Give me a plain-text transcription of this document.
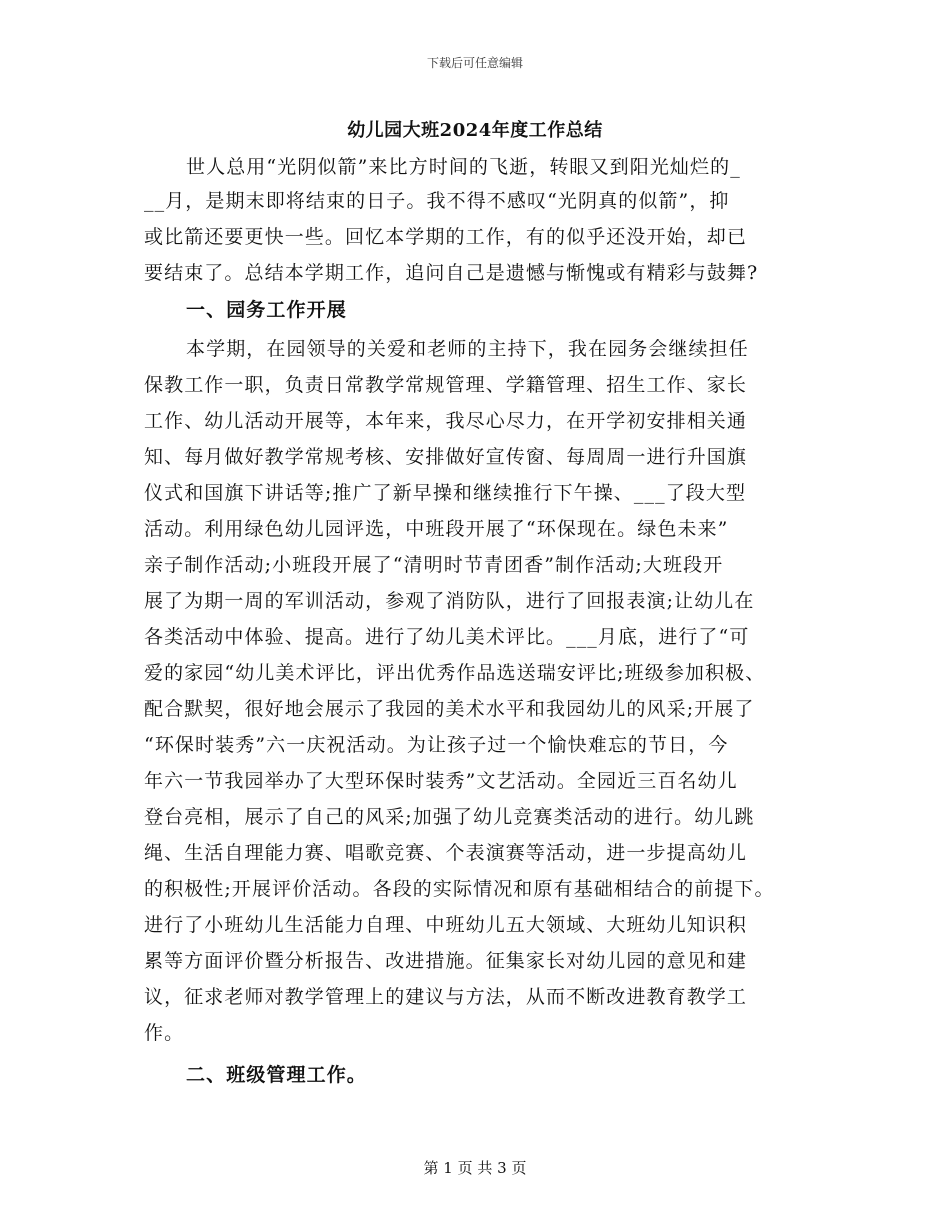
下载后可任意编辑
幼儿园大班2024年度工作总结
世人总用“光阴似箭”来比方时间的飞逝，转眼又到阳光灿烂的_
__月，是期末即将结束的日子。我不得不感叹“光阴真的似箭”，抑
或比箭还要更快一些。回忆本学期的工作，有的似乎还没开始，却已
要结束了。总结本学期工作，追问自己是遗憾与惭愧或有精彩与鼓舞?
一、园务工作开展
本学期，在园领导的关爱和老师的主持下，我在园务会继续担任
保教工作一职，负责日常教学常规管理、学籍管理、招生工作、家长
工作、幼儿活动开展等，本年来，我尽心尽力，在开学初安排相关通
知、每月做好教学常规考核、安排做好宣传窗、每周周一进行升国旗
仪式和国旗下讲话等;推广了新早操和继续推行下午操、___了段大型
活动。利用绿色幼儿园评选，中班段开展了“环保现在。绿色未来”
亲子制作活动;小班段开展了“清明时节青团香”制作活动;大班段开
展了为期一周的军训活动，参观了消防队，进行了回报表演;让幼儿在
各类活动中体验、提高。进行了幼儿美术评比。___月底，进行了“可
爱的家园“幼儿美术评比，评出优秀作品选送瑞安评比;班级参加积极、
配合默契，很好地会展示了我园的美术水平和我园幼儿的风采;开展了
“环保时装秀”六一庆祝活动。为让孩子过一个愉快难忘的节日，今
年六一节我园举办了大型环保时装秀”文艺活动。全园近三百名幼儿
登台亮相，展示了自己的风采;加强了幼儿竞赛类活动的进行。幼儿跳
绳、生活自理能力赛、唱歌竞赛、个表演赛等活动，进一步提高幼儿
的积极性;开展评价活动。各段的实际情况和原有基础相结合的前提下。
进行了小班幼儿生活能力自理、中班幼儿五大领域、大班幼儿知识积
累等方面评价暨分析报告、改进措施。征集家长对幼儿园的意见和建
议，征求老师对教学管理上的建议与方法，从而不断改进教育教学工
作。
二、班级管理工作。
第 1 页 共 3 页
